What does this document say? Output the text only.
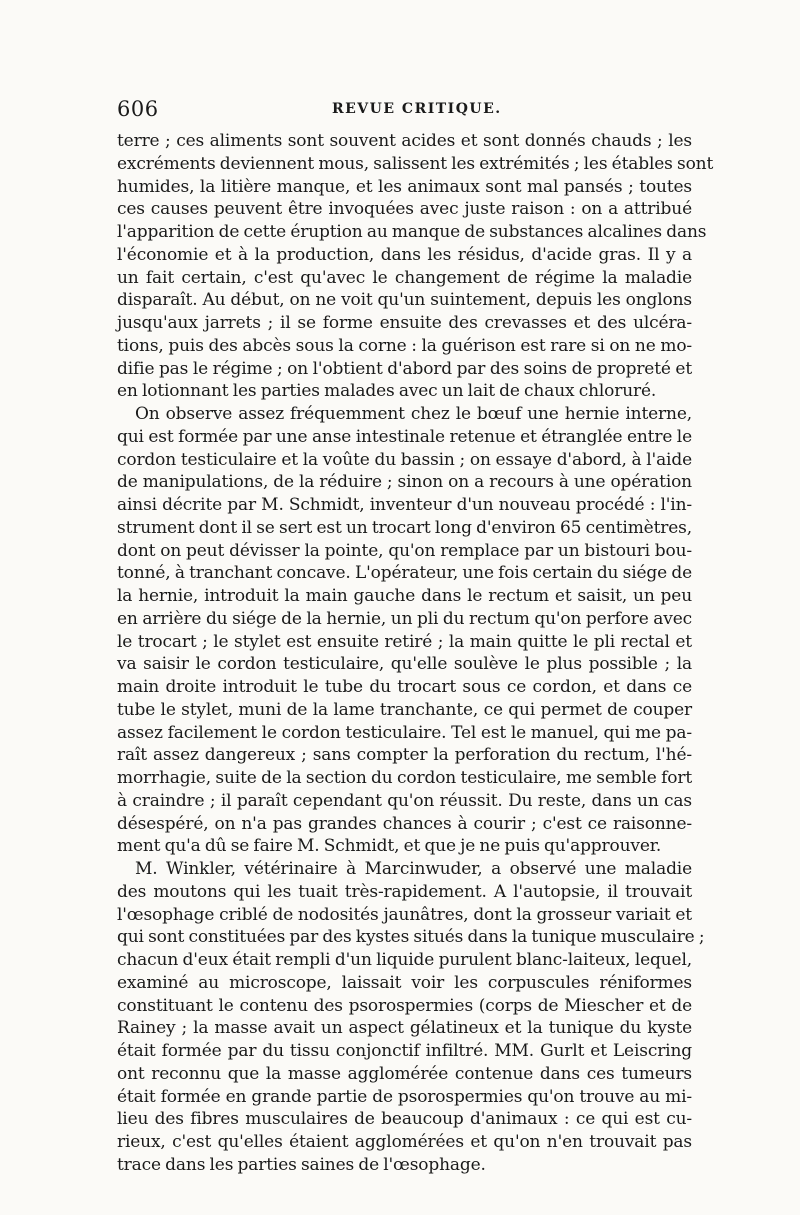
606	REVUE CRITIQUE.
terre ; ces aliments sont souvent acides et sont donnés chauds ; les
excréments deviennent mous, salissent les extrémités ; les étables sont
humides, la litière manque, et les animaux sont mal pansés ; toutes
ces causes peuvent être invoquées avec juste raison : on a attribué
l'apparition de cette éruption au manque de substances alcalines dans
l'économie et à la production, dans les résidus, d'acide gras. Il y a
un fait certain, c'est qu'avec le changement de régime la maladie
disparaît. Au début, on ne voit qu'un suintement, depuis les onglons
jusqu'aux jarrets ; il se forme ensuite des crevasses et des ulcéra-
tions, puis des abcès sous la corne : la guérison est rare si on ne mo-
difie pas le régime ; on l'obtient d'abord par des soins de propreté et
en lotionnant les parties malades avec un lait de chaux chloruré.
On observe assez fréquemment chez le bœuf une hernie interne,
qui est formée par une anse intestinale retenue et étranglée entre le
cordon testiculaire et la voûte du bassin ; on essaye d'abord, à l'aide
de manipulations, de la réduire ; sinon on a recours à une opération
ainsi décrite par M. Schmidt, inventeur d'un nouveau procédé : l'in-
strument dont il se sert est un trocart long d'environ 65 centimètres,
dont on peut dévisser la pointe, qu'on remplace par un bistouri bou-
tonné, à tranchant concave. L'opérateur, une fois certain du siége de
la hernie, introduit la main gauche dans le rectum et saisit, un peu
en arrière du siége de la hernie, un pli du rectum qu'on perfore avec
le trocart ; le stylet est ensuite retiré ; la main quitte le pli rectal et
va saisir le cordon testiculaire, qu'elle soulève le plus possible ; la
main droite introduit le tube du trocart sous ce cordon, et dans ce
tube le stylet, muni de la lame tranchante, ce qui permet de couper
assez facilement le cordon testiculaire. Tel est le manuel, qui me pa-
raît assez dangereux ; sans compter la perforation du rectum, l'hé-
morrhagie, suite de la section du cordon testiculaire, me semble fort
à craindre ; il paraît cependant qu'on réussit. Du reste, dans un cas
désespéré, on n'a pas grandes chances à courir ; c'est ce raisonne-
ment qu'a dû se faire M. Schmidt, et que je ne puis qu'approuver.
M. Winkler, vétérinaire à Marcinwuder, a observé une maladie
des moutons qui les tuait très-rapidement. A l'autopsie, il trouvait
l'œsophage criblé de nodosités jaunâtres, dont la grosseur variait et
qui sont constituées par des kystes situés dans la tunique musculaire ;
chacun d'eux était rempli d'un liquide purulent blanc-laiteux, lequel,
examiné au microscope, laissait voir les corpuscules réniformes
constituant le contenu des psorospermies (corps de Miescher et de
Rainey ; la masse avait un aspect gélatineux et la tunique du kyste
était formée par du tissu conjonctif infiltré. MM. Gurlt et Leiscring
ont reconnu que la masse agglomérée contenue dans ces tumeurs
était formée en grande partie de psorospermies qu'on trouve au mi-
lieu des fibres musculaires de beaucoup d'animaux : ce qui est cu-
rieux, c'est qu'elles étaient agglomérées et qu'on n'en trouvait pas
trace dans les parties saines de l'œsophage.
